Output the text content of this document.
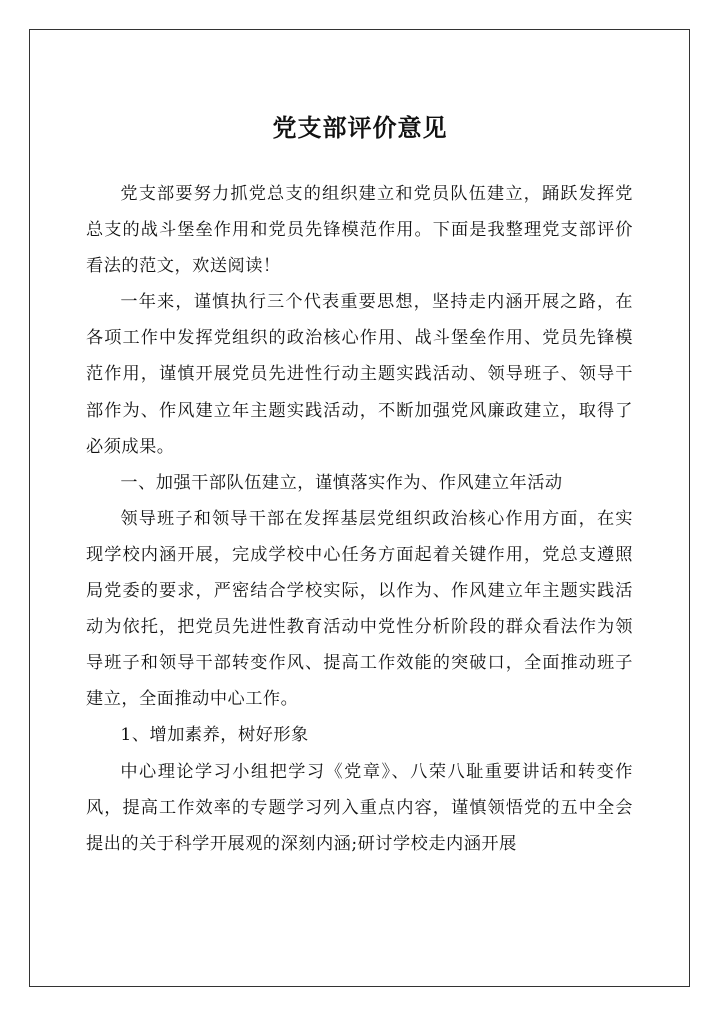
党支部评价意见

党支部要努力抓党总支的组织建立和党员队伍建立，踊跃发挥党总支的战斗堡垒作用和党员先锋模范作用。下面是我整理党支部评价看法的范文，欢送阅读！

一年来，谨慎执行三个代表重要思想，坚持走内涵开展之路，在各项工作中发挥党组织的政治核心作用、战斗堡垒作用、党员先锋模范作用，谨慎开展党员先进性行动主题实践活动、领导班子、领导干部作为、作风建立年主题实践活动，不断加强党风廉政建立，取得了必须成果。

一、加强干部队伍建立，谨慎落实作为、作风建立年活动

领导班子和领导干部在发挥基层党组织政治核心作用方面，在实现学校内涵开展，完成学校中心任务方面起着关键作用，党总支遵照局党委的要求，严密结合学校实际，以作为、作风建立年主题实践活动为依托，把党员先进性教育活动中党性分析阶段的群众看法作为领导班子和领导干部转变作风、提高工作效能的突破口，全面推动班子建立，全面推动中心工作。

1、增加素养，树好形象

中心理论学习小组把学习《党章》、八荣八耻重要讲话和转变作风，提高工作效率的专题学习列入重点内容，谨慎领悟党的五中全会提出的关于科学开展观的深刻内涵;研讨学校走内涵开展
